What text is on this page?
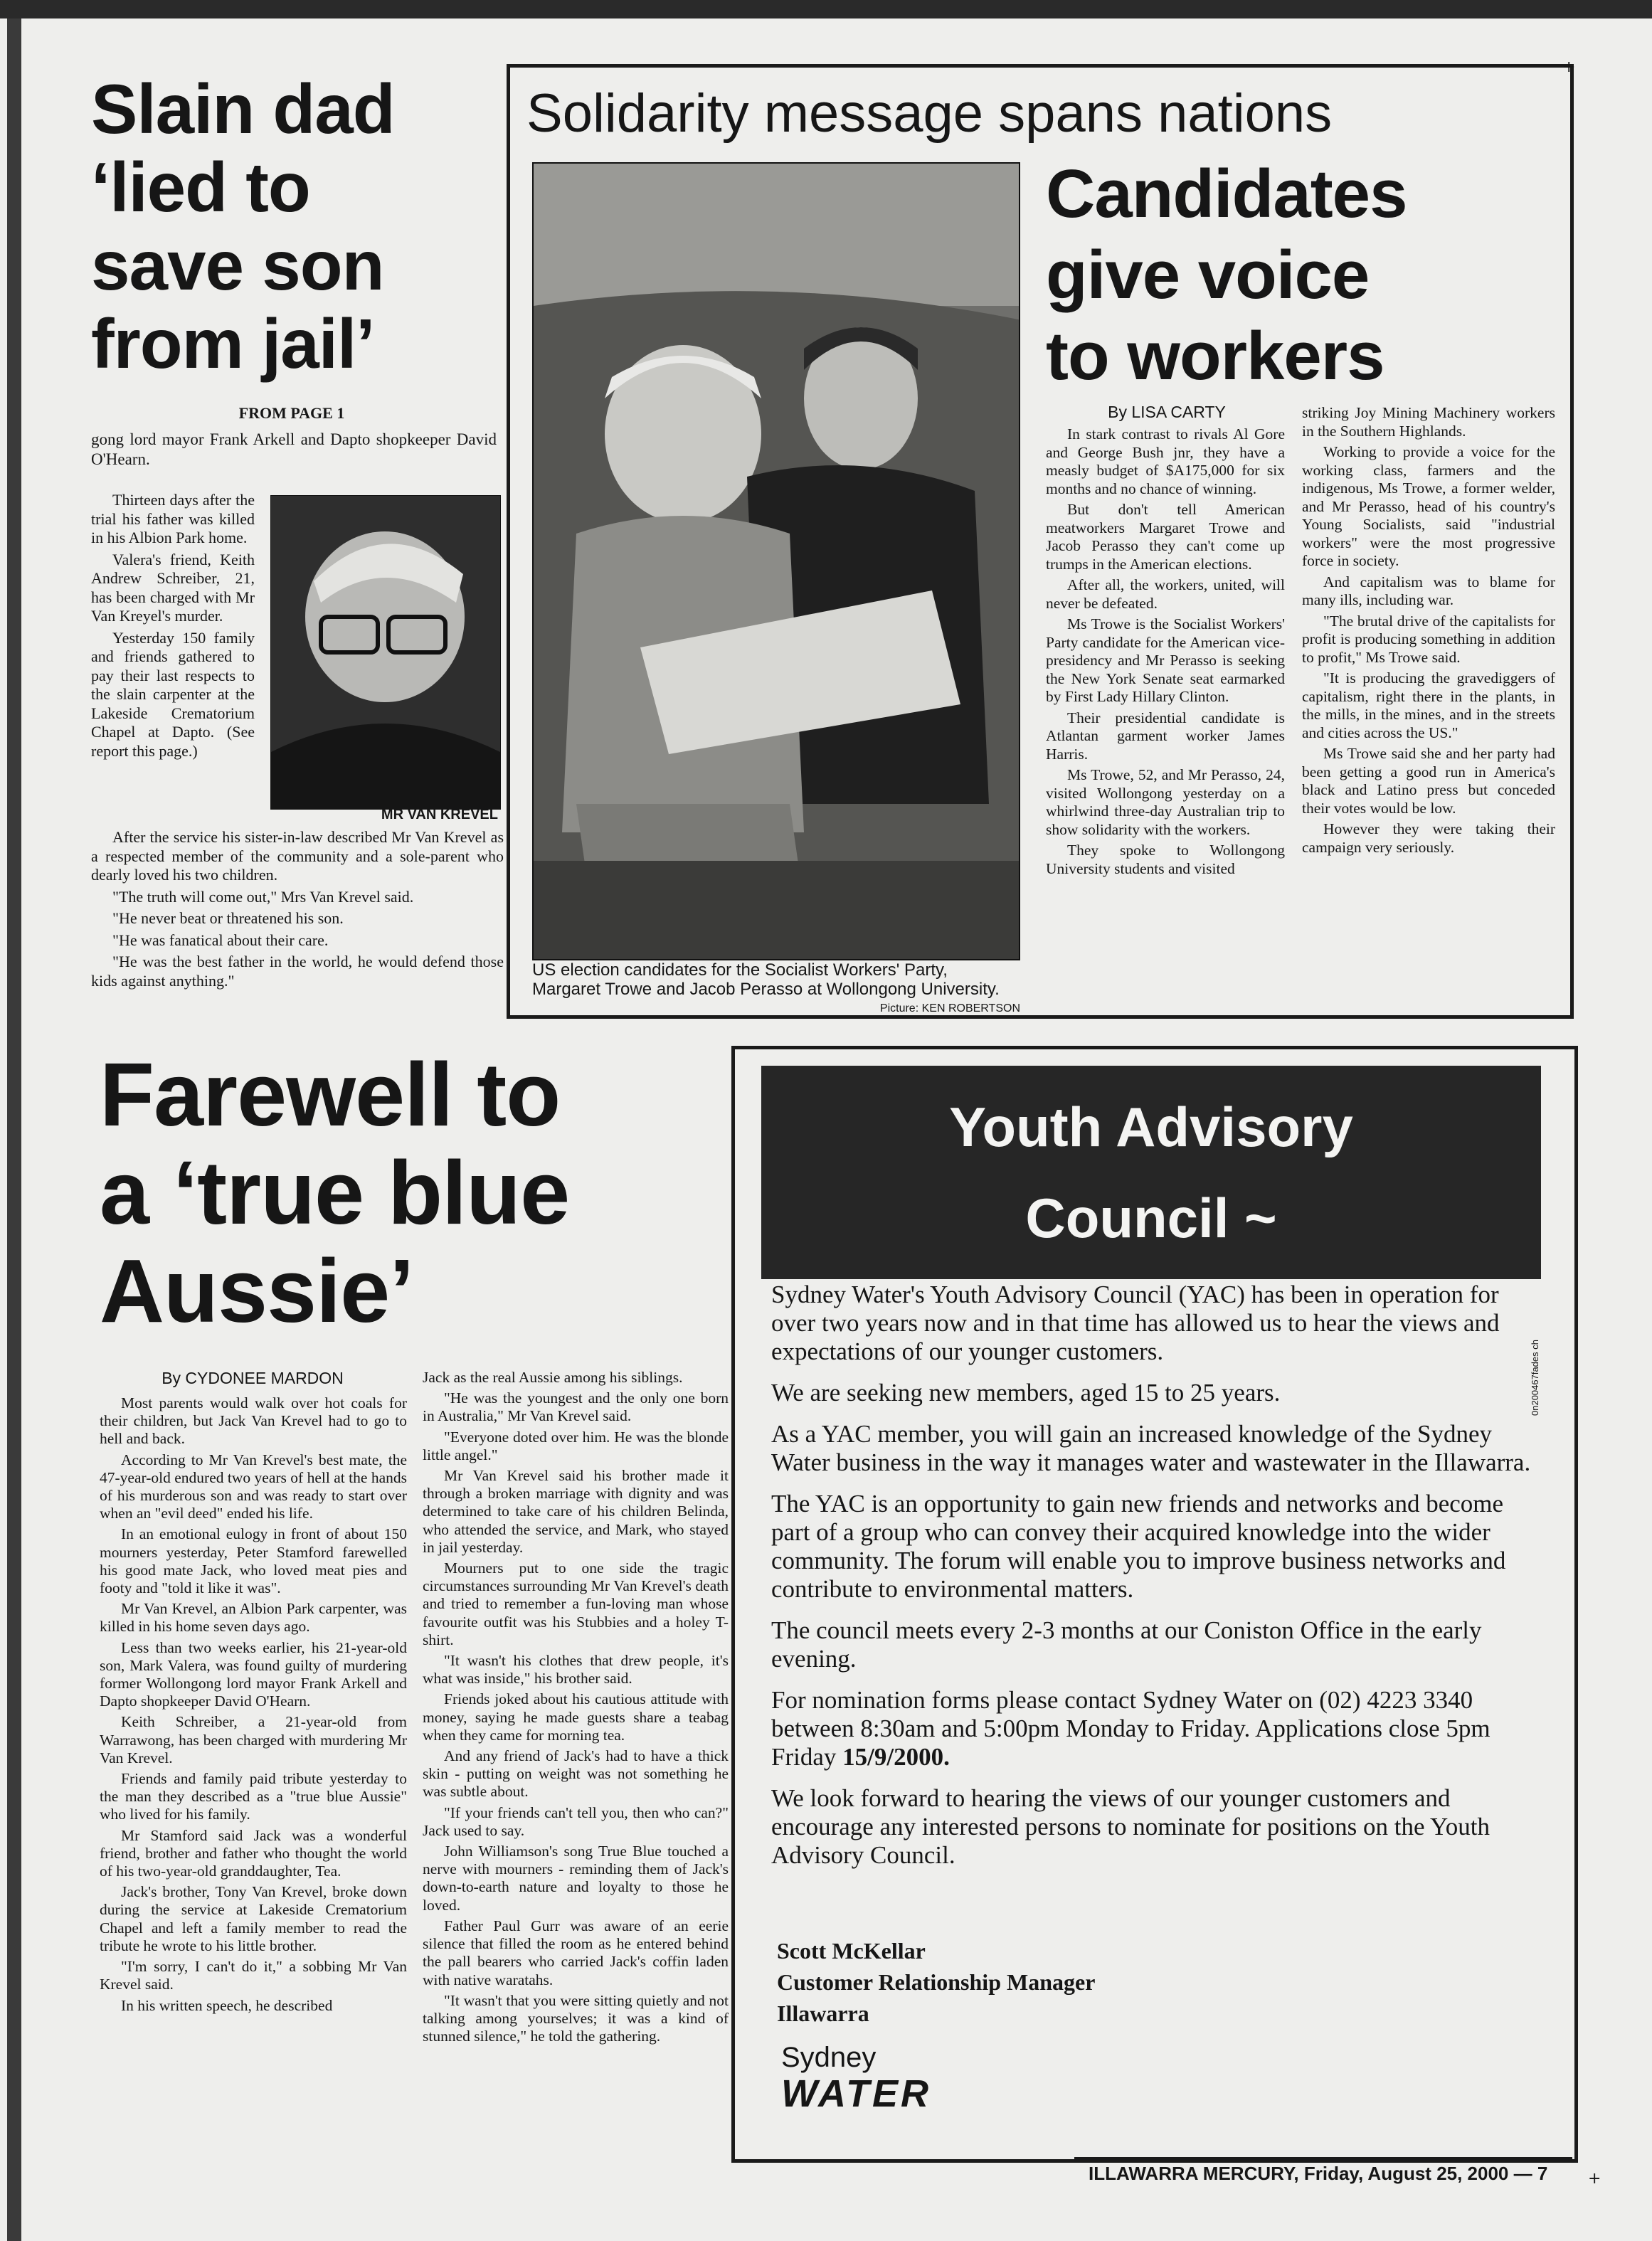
Slain dad
‘lied to
save son
from jail’
FROM PAGE 1
gong lord mayor Frank Arkell and Dapto shopkeeper David O'Hearn.

Thirteen days after the trial his father was killed in his Albion Park home.

Valera's friend, Keith Andrew Schreiber, 21, has been charged with Mr Van Kreyel's murder.

Yesterday 150 family and friends gathered to pay their last respects to the slain carpenter at the Lakeside Crematorium Chapel at Dapto. (See report this page.)

MR VAN KREVEL

After the service his sister-in-law described Mr Van Krevel as a respected member of the community and a sole-parent who dearly loved his two children.

"The truth will come out," Mrs Van Krevel said.

"He never beat or threatened his son.

"He was fanatical about their care.

"He was the best father in the world, he would defend those kids against anything."

Solidarity message spans nations
US election candidates for the Socialist Workers' Party, Margaret Trowe and Jacob Perasso at Wollongong University.
Picture: KEN ROBERTSON
Candidates
give voice
to workers
By LISA CARTY

In stark contrast to rivals Al Gore and George Bush jnr, they have a measly budget of $A175,000 for six months and no chance of winning.

But don't tell American meatworkers Margaret Trowe and Jacob Perasso they can't come up trumps in the American elections.

After all, the workers, united, will never be defeated.

Ms Trowe is the Socialist Workers' Party candidate for the American vice-presidency and Mr Perasso is seeking the New York Senate seat earmarked by First Lady Hillary Clinton.

Their presidential candidate is Atlantan garment worker James Harris.

Ms Trowe, 52, and Mr Perasso, 24, visited Wollongong yesterday on a whirlwind three-day Australian trip to show solidarity with the workers.

They spoke to Wollongong University students and visited

striking Joy Mining Machinery workers in the Southern Highlands.

Working to provide a voice for the working class, farmers and the indigenous, Ms Trowe, a former welder, and Mr Perasso, head of his country's Young Socialists, said "industrial workers" were the most progressive force in society.

And capitalism was to blame for many ills, including war.

"The brutal drive of the capitalists for profit is producing something in addition to profit," Ms Trowe said.

"It is producing the gravediggers of capitalism, right there in the plants, in the mills, in the mines, and in the streets and cities across the US."

Ms Trowe said she and her party had been getting a good run in America's black and Latino press but conceded their votes would be low.

However they were taking their campaign very seriously.

Farewell to
a ‘true blue
Aussie’
By CYDONEE MARDON

Most parents would walk over hot coals for their children, but Jack Van Krevel had to go to hell and back.

According to Mr Van Krevel's best mate, the 47-year-old endured two years of hell at the hands of his murderous son and was ready to start over when an "evil deed" ended his life.

In an emotional eulogy in front of about 150 mourners yesterday, Peter Stamford farewelled his good mate Jack, who loved meat pies and footy and "told it like it was".

Mr Van Krevel, an Albion Park carpenter, was killed in his home seven days ago.

Less than two weeks earlier, his 21-year-old son, Mark Valera, was found guilty of murdering former Wollongong lord mayor Frank Arkell and Dapto shopkeeper David O'Hearn.

Keith Schreiber, a 21-year-old from Warrawong, has been charged with murdering Mr Van Krevel.

Friends and family paid tribute yesterday to the man they described as a "true blue Aussie" who lived for his family.

Mr Stamford said Jack was a wonderful friend, brother and father who thought the world of his two-year-old granddaughter, Tea.

Jack's brother, Tony Van Krevel, broke down during the service at Lakeside Crematorium Chapel and left a family member to read the tribute he wrote to his little brother.

"I'm sorry, I can't do it," a sobbing Mr Van Krevel said.

In his written speech, he described

Jack as the real Aussie among his siblings.

"He was the youngest and the only one born in Australia," Mr Van Krevel said.

"Everyone doted over him. He was the blonde little angel."

Mr Van Krevel said his brother made it through a broken marriage with dignity and was determined to take care of his children Belinda, who attended the service, and Mark, who stayed in jail yesterday.

Mourners put to one side the tragic circumstances surrounding Mr Van Krevel's death and tried to remember a fun-loving man whose favourite outfit was his Stubbies and a holey T-shirt.

"It wasn't his clothes that drew people, it's what was inside," his brother said.

Friends joked about his cautious attitude with money, saying he made guests share a teabag when they came for morning tea.

And any friend of Jack's had to have a thick skin - putting on weight was not something he was subtle about.

"If your friends can't tell you, then who can?" Jack used to say.

John Williamson's song True Blue touched a nerve with mourners - reminding them of Jack's down-to-earth nature and loyalty to those he loved.

Father Paul Gurr was aware of an eerie silence that filled the room as he entered behind the pall bearers who carried Jack's coffin laden with native waratahs.

"It wasn't that you were sitting quietly and not talking among yourselves; it was a kind of stunned silence," he told the gathering.

Youth Advisory
Council ~

Sydney Water's Youth Advisory Council (YAC) has been in operation for over two years now and in that time has allowed us to hear the views and expectations of our younger customers.

We are seeking new members, aged 15 to 25 years.

As a YAC member, you will gain an increased knowledge of the Sydney Water business in the way it manages water and wastewater in the Illawarra.

The YAC is an opportunity to gain new friends and networks and become part of a group who can convey their acquired knowledge into the wider community. The forum will enable you to improve business networks and contribute to environmental matters.

The council meets every 2-3 months at our Coniston Office in the early evening.

For nomination forms please contact Sydney Water on (02) 4223 3340 between 8:30am and 5:00pm Monday to Friday. Applications close 5pm Friday 15/9/2000.

We look forward to hearing the views of our younger customers and encourage any interested persons to nominate for positions on the Youth Advisory Council.

Scott McKellar
Customer Relationship Manager
Illawarra
Sydney
WATER
0n200467fades ch
ILLAWARRA MERCURY, Friday, August 25, 2000 — 7
+
+
